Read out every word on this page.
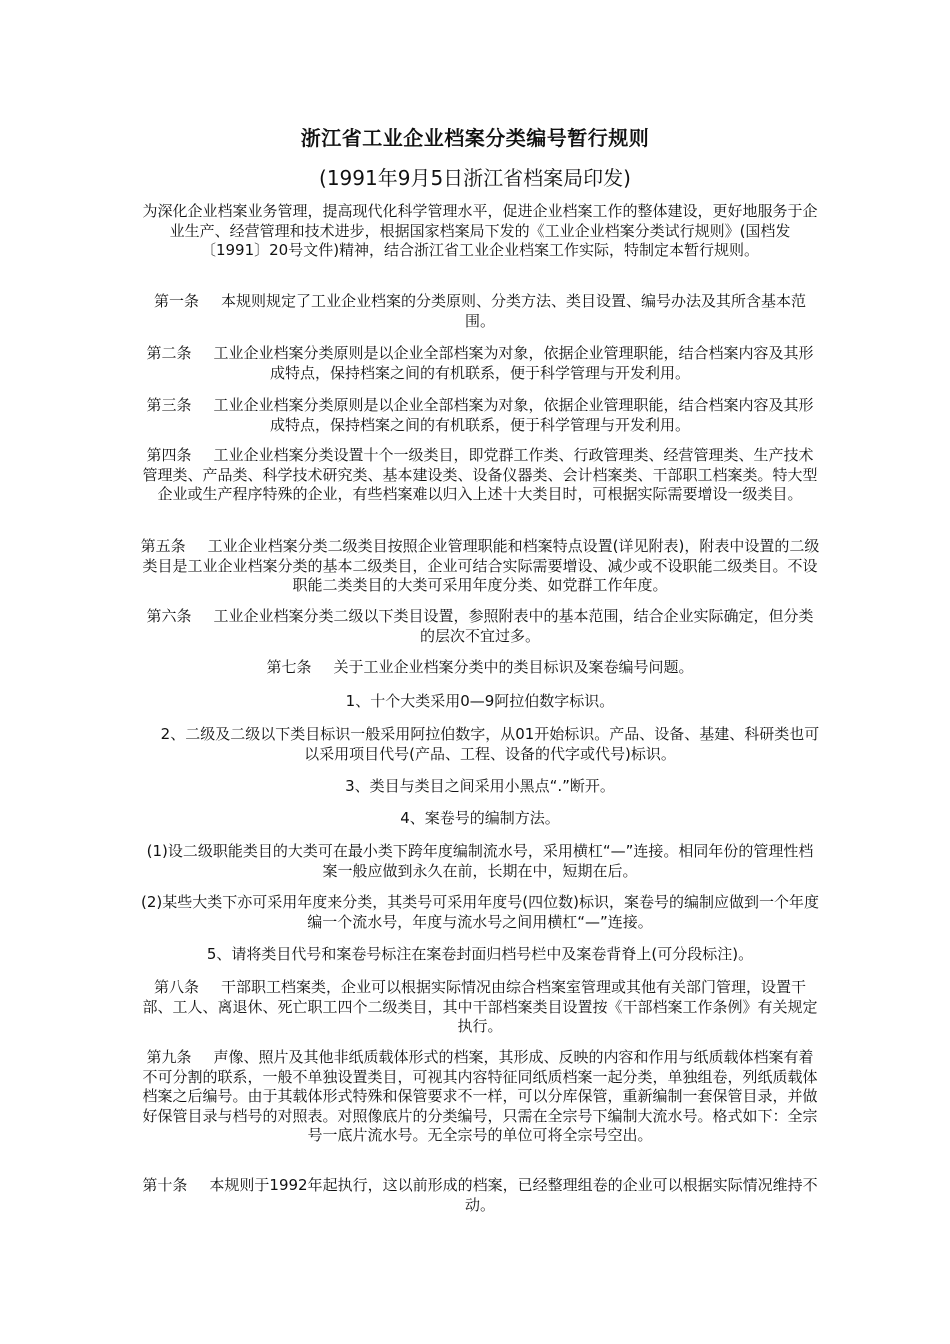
浙江省工业企业档案分类编号暂行规则
(1991年9月5日浙江省档案局印发)
为深化企业档案业务管理，提高现代化科学管理水平，促进企业档案工作的整体建设，更好地服务于企业生产、经营管理和技术进步，根据国家档案局下发的《工业企业档案分类试行规则》(国档发〔1991〕20号文件)精神，结合浙江省工业企业档案工作实际，特制定本暂行规则。
第一条 本规则规定了工业企业档案的分类原则、分类方法、类目设置、编号办法及其所含基本范围。
第二条 工业企业档案分类原则是以企业全部档案为对象，依据企业管理职能，结合档案内容及其形成特点，保持档案之间的有机联系，便于科学管理与开发利用。
第三条 工业企业档案分类原则是以企业全部档案为对象，依据企业管理职能，结合档案内容及其形成特点，保持档案之间的有机联系，便于科学管理与开发利用。
第四条 工业企业档案分类设置十个一级类目，即党群工作类、行政管理类、经营管理类、生产技术管理类、产品类、科学技术研究类、基本建设类、设备仪器类、会计档案类、干部职工档案类。特大型企业或生产程序特殊的企业，有些档案难以归入上述十大类目时，可根据实际需要增设一级类目。
第五条 工业企业档案分类二级类目按照企业管理职能和档案特点设置(详见附表)，附表中设置的二级类目是工业企业档案分类的基本二级类目，企业可结合实际需要增设、减少或不设职能二级类目。不设职能二类类目的大类可采用年度分类、如党群工作年度。
第六条 工业企业档案分类二级以下类目设置，参照附表中的基本范围，结合企业实际确定，但分类的层次不宜过多。
第七条 关于工业企业档案分类中的类目标识及案卷编号问题。
1、十个大类采用0—9阿拉伯数字标识。
2、二级及二级以下类目标识一般采用阿拉伯数字，从01开始标识。产品、设备、基建、科研类也可以采用项目代号(产品、工程、设备的代字或代号)标识。
3、类目与类目之间采用小黑点“.”断开。
4、案卷号的编制方法。
(1)设二级职能类目的大类可在最小类下跨年度编制流水号，采用横杠“—”连接。相同年份的管理性档案一般应做到永久在前，长期在中，短期在后。
(2)某些大类下亦可采用年度来分类，其类号可采用年度号(四位数)标识，案卷号的编制应做到一个年度编一个流水号，年度与流水号之间用横杠“—”连接。
5、请将类目代号和案卷号标注在案卷封面归档号栏中及案卷背脊上(可分段标注)。
第八条 干部职工档案类，企业可以根据实际情况由综合档案室管理或其他有关部门管理，设置干部、工人、离退休、死亡职工四个二级类目，其中干部档案类目设置按《干部档案工作条例》有关规定执行。
第九条 声像、照片及其他非纸质载体形式的档案，其形成、反映的内容和作用与纸质载体档案有着不可分割的联系，一般不单独设置类目，可视其内容特征同纸质档案一起分类，单独组卷，列纸质载体档案之后编号。由于其载体形式特殊和保管要求不一样，可以分库保管，重新编制一套保管目录，并做好保管目录与档号的对照表。对照像底片的分类编号，只需在全宗号下编制大流水号。格式如下：全宗号一底片流水号。无全宗号的单位可将全宗号空出。
第十条 本规则于1992年起执行，这以前形成的档案，已经整理组卷的企业可以根据实际情况维持不动。
